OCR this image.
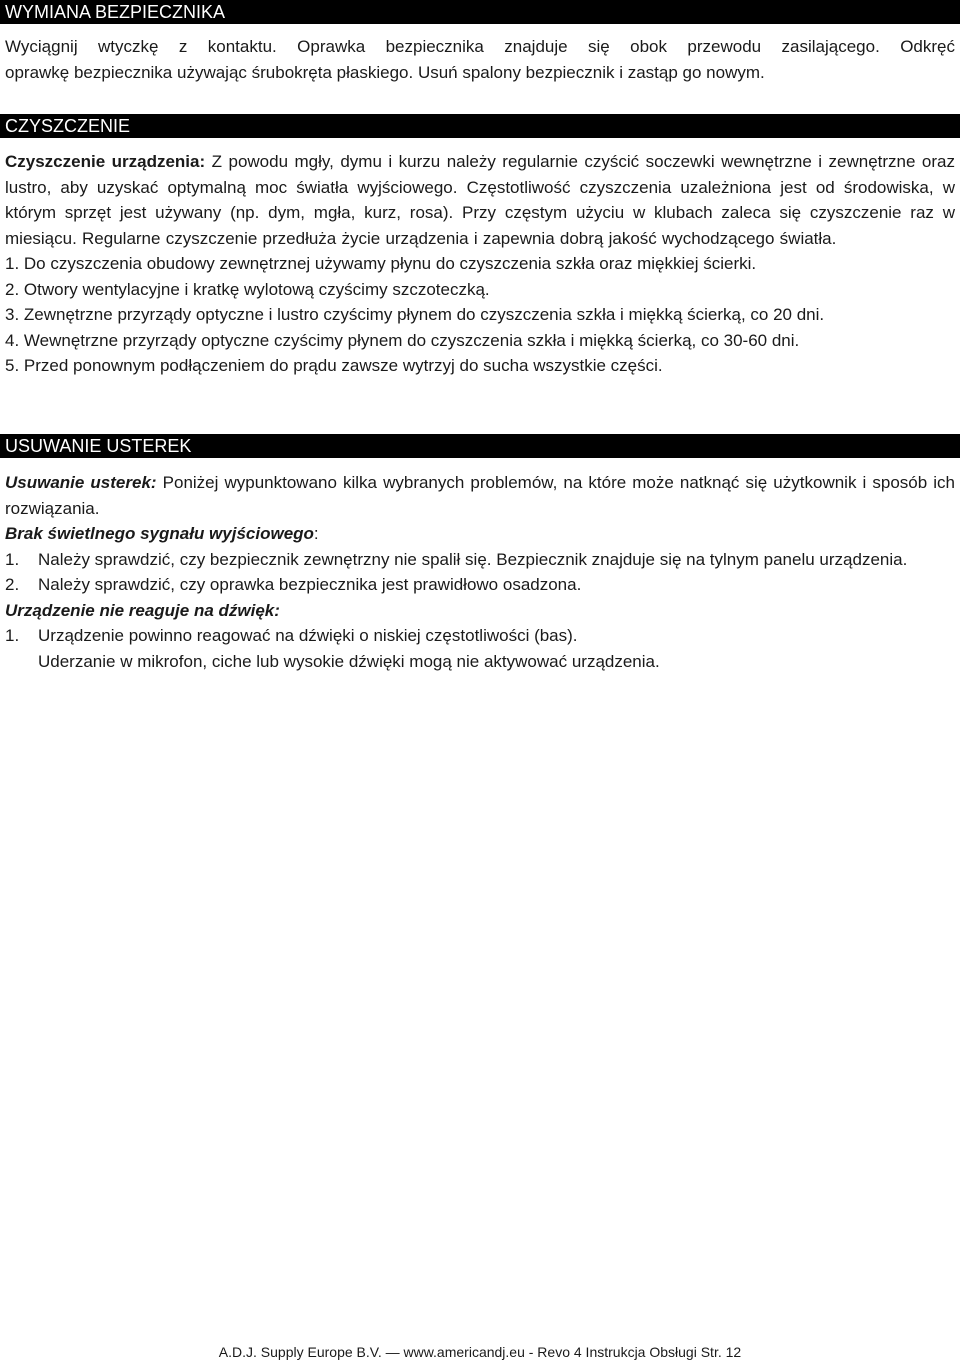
WYMIANA BEZPIECZNIKA
Wyciągnij wtyczkę z kontaktu. Oprawka bezpiecznika znajduje się obok przewodu zasilającego. Odkręć
oprawkę bezpiecznika używając śrubokręta płaskiego. Usuń spalony bezpiecznik i zastąp go nowym.
CZYSZCZENIE
Czyszczenie urządzenia: Z powodu mgły, dymu i kurzu należy regularnie czyścić soczewki wewnętrzne i zewnętrzne oraz lustro, aby uzyskać optymalną moc światła wyjściowego. Częstotliwość czyszczenia uzależniona jest od środowiska, w którym sprzęt jest używany (np. dym, mgła, kurz, rosa). Przy częstym użyciu w klubach zaleca się czyszczenie raz w miesiącu. Regularne czyszczenie przedłuża życie urządzenia i zapewnia dobrą jakość wychodzącego światła.
1. Do czyszczenia obudowy zewnętrznej używamy płynu do czyszczenia szkła oraz miękkiej ścierki.
2. Otwory wentylacyjne i kratkę wylotową czyścimy szczoteczką.
3. Zewnętrzne przyrządy optyczne i lustro czyścimy płynem do czyszczenia szkła i miękką ścierką, co 20 dni.
4. Wewnętrzne przyrządy optyczne czyścimy płynem do czyszczenia szkła i miękką ścierką, co 30-60 dni.
5. Przed ponownym podłączeniem do prądu zawsze wytrzyj do sucha wszystkie części.
USUWANIE USTEREK
Usuwanie usterek: Poniżej wypunktowano kilka wybranych problemów, na które może natknąć się użytkownik i sposób ich rozwiązania.
Brak świetlnego sygnału wyjściowego:
1.	Należy sprawdzić, czy bezpiecznik zewnętrzny nie spalił się. Bezpiecznik znajduje się na tylnym panelu urządzenia.
2.	Należy sprawdzić, czy oprawka bezpiecznika jest prawidłowo osadzona.
Urządzenie nie reaguje na dźwięk:
1.	Urządzenie powinno reagować na dźwięki o niskiej częstotliwości (bas).
Uderzanie w mikrofon, ciche lub wysokie dźwięki mogą nie aktywować urządzenia.
A.D.J. Supply Europe B.V. — www.americandj.eu - Revo 4 Instrukcja Obsługi Str. 12
